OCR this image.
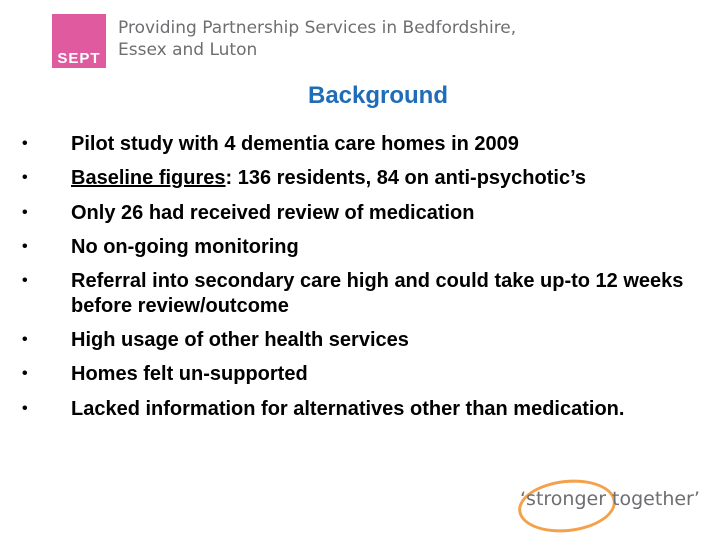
SEPT
Providing Partnership Services in Bedfordshire,
Essex and Luton
Background
•	Pilot study with 4 dementia care homes in 2009
•	Baseline figures: 136 residents, 84 on anti-psychotic’s
•	Only 26 had received review of medication
•	No on-going monitoring
•	Referral into secondary care high and could take up-to 12 weeks before review/outcome
•	High usage of other health services
•	Homes felt un-supported
•	Lacked information for alternatives other than medication.
‘stronger together’
